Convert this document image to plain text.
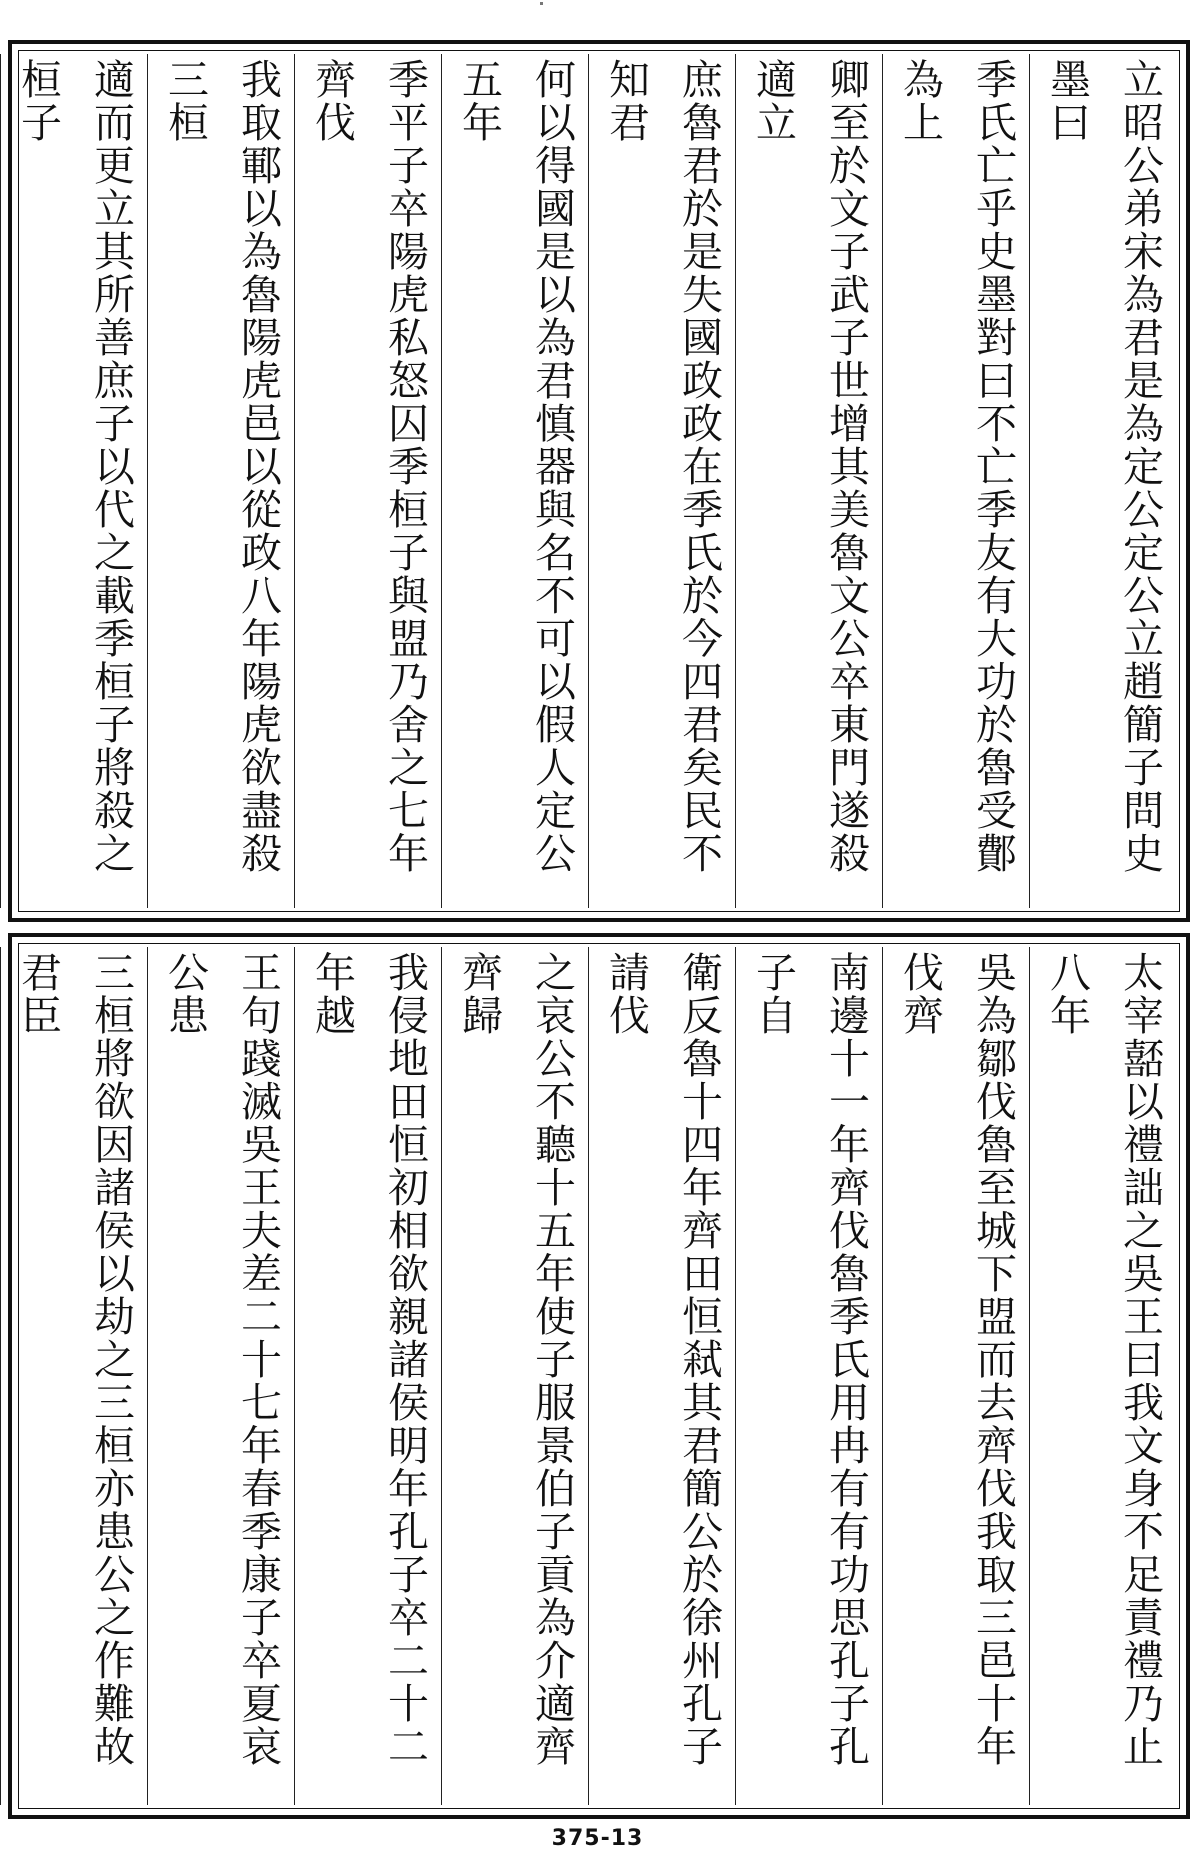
立昭公弟宋為君是為定公定公立趙簡子問史墨曰
季氏亡乎史墨對曰不亡季友有大功於魯受鄪為上
卿至於文子武子世增其美魯文公卒東門遂殺適立
庶魯君於是失國政政在季氏於今四君矣民不知君
何以得國是以為君慎器與名不可以假人定公五年
季平子卒陽虎私怒囚季桓子與盟乃舍之七年齊伐
我取鄆以為魯陽虎邑以從政八年陽虎欲盡殺三桓
適而更立其所善庶子以代之載季桓子將殺之桓子
太宰嚭以禮詘之吳王曰我文身不足責禮乃止八年
吳為鄒伐魯至城下盟而去齊伐我取三邑十年伐齊
南邊十一年齊伐魯季氏用冉有有功思孔子孔子自
衛反魯十四年齊田恒弒其君簡公於徐州孔子請伐
之哀公不聽十五年使子服景伯子貢為介適齊齊歸
我侵地田恒初相欲親諸侯明年孔子卒二十二年越
王句踐滅吳王夫差二十七年春季康子卒夏哀公患
三桓將欲因諸侯以劫之三桓亦患公之作難故君臣
375-13
